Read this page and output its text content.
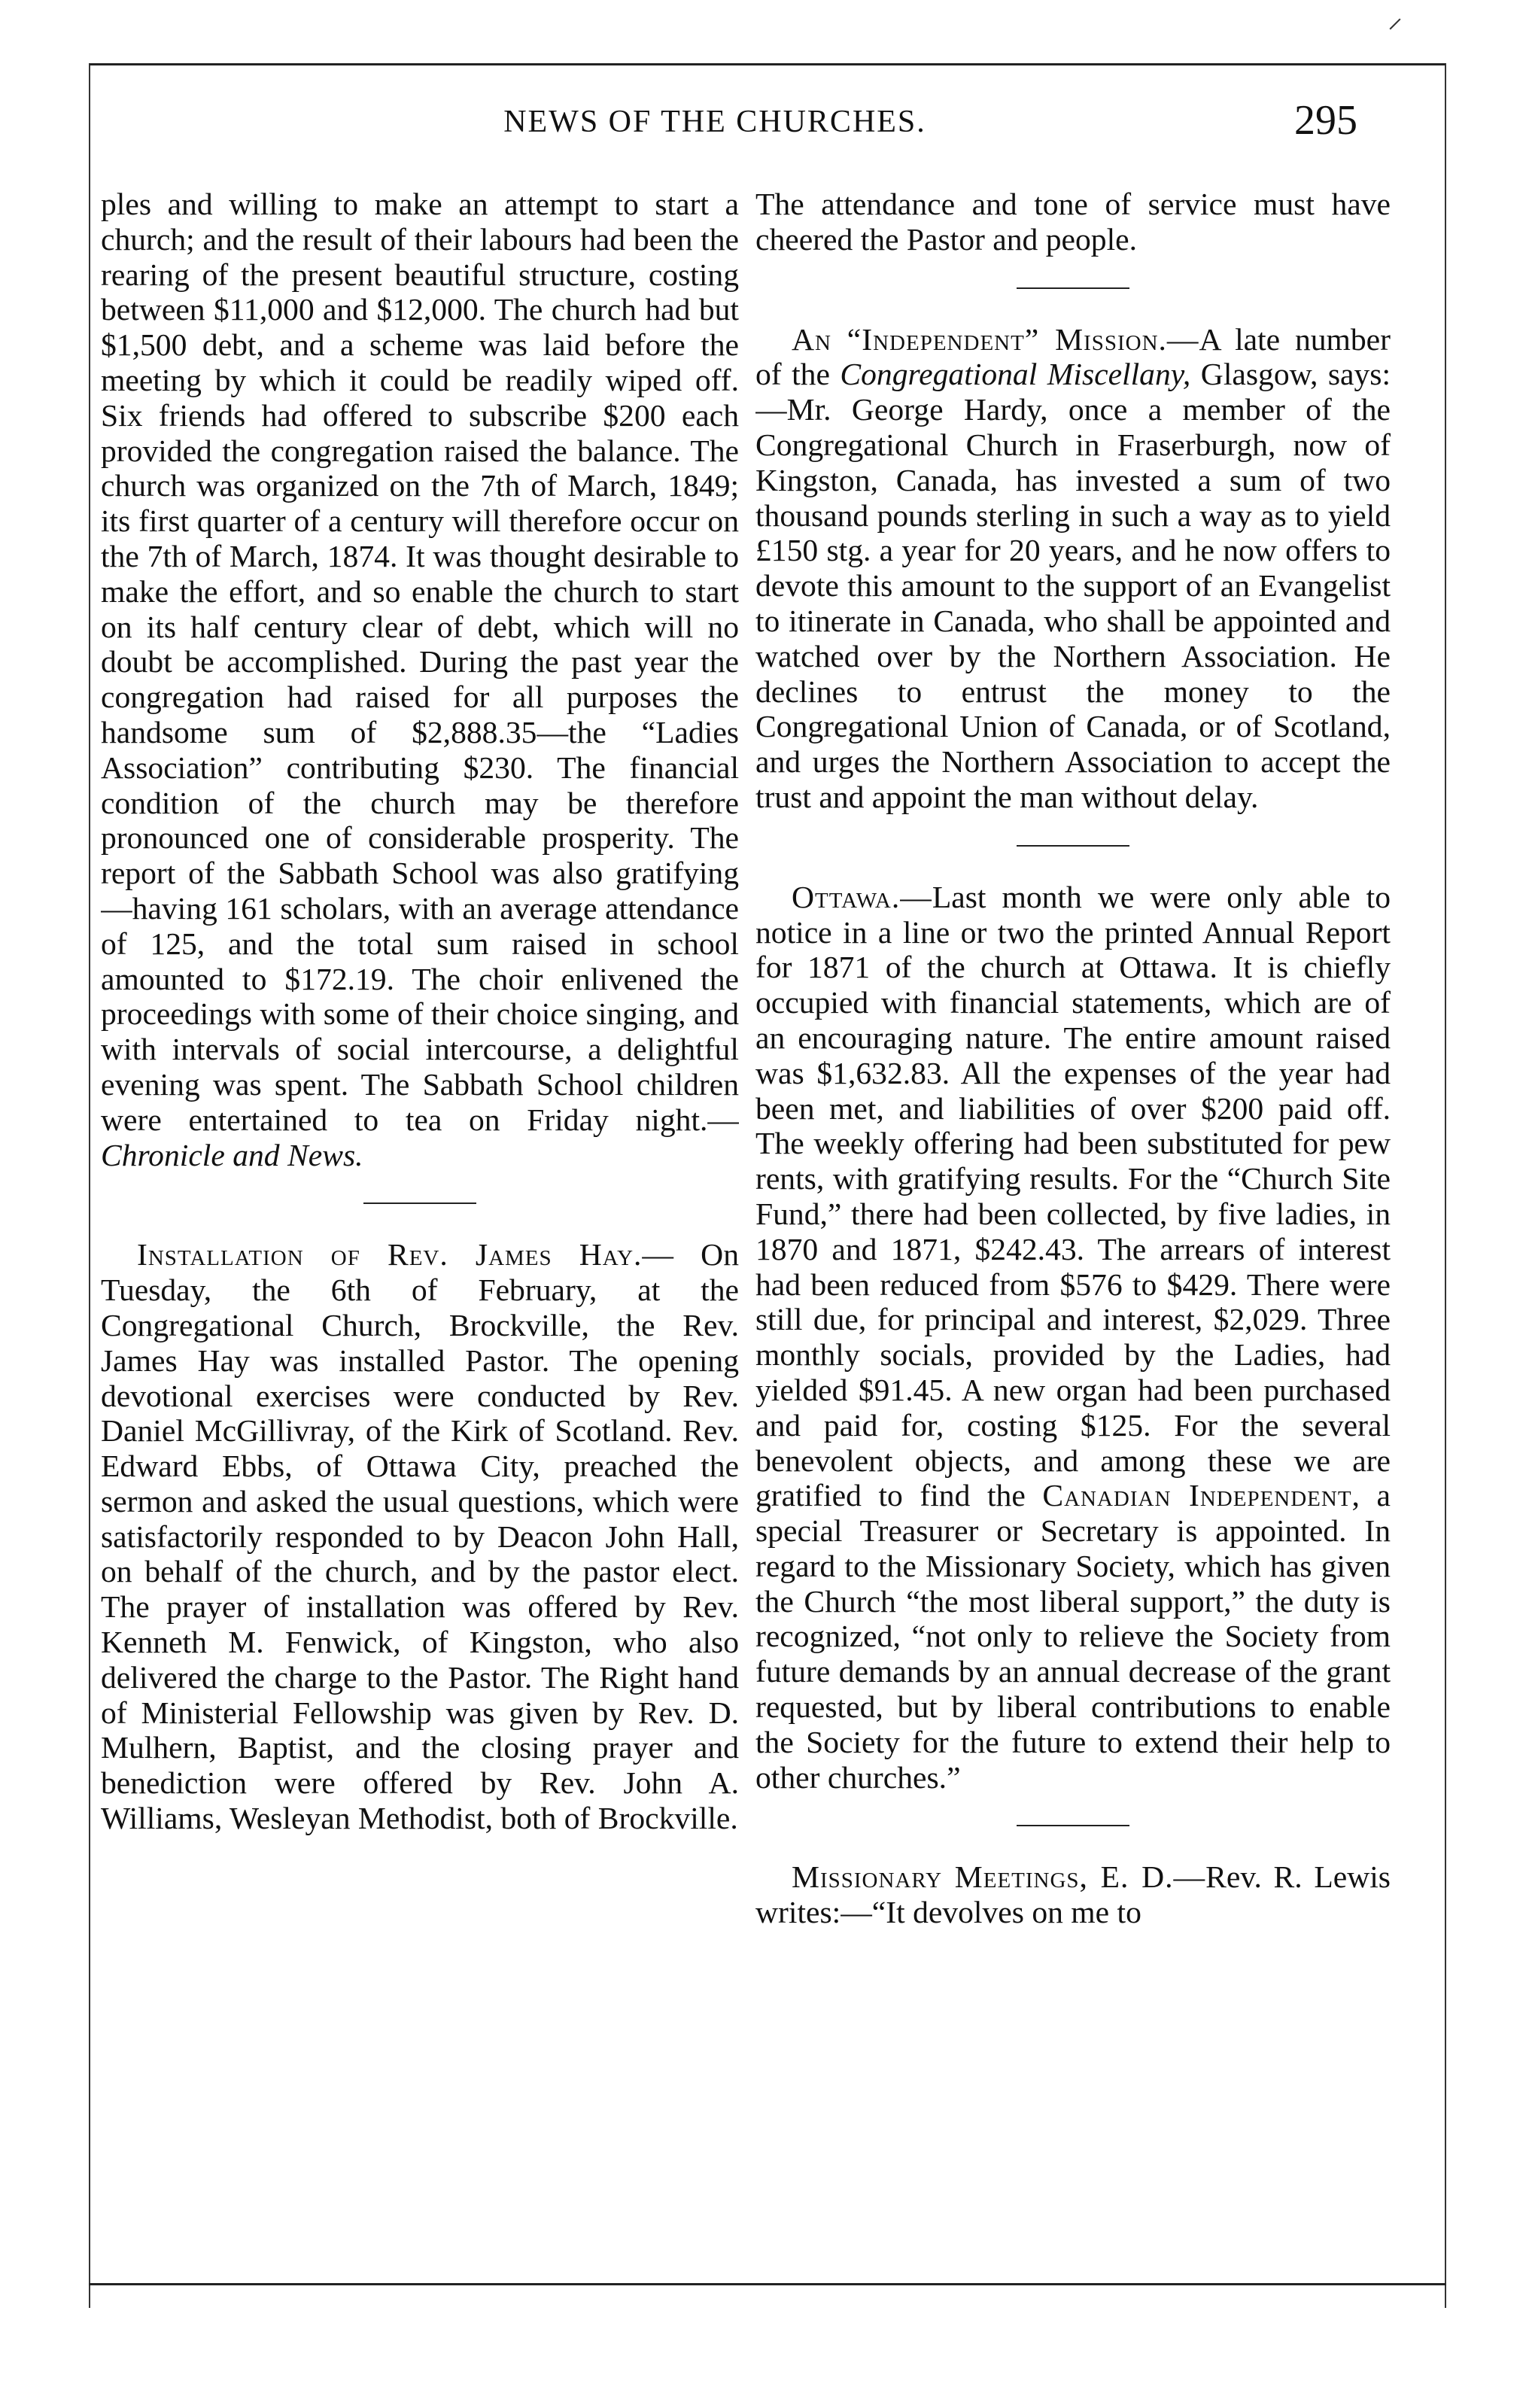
NEWS OF THE CHURCHES.	295
⸍

ples and willing to make an attempt to start a church; and the result of their labours had been the rearing of the present beautiful structure, costing between $11,000 and $12,000. The church had but $1,500 debt, and a scheme was laid before the meeting by which it could be readily wiped off. Six friends had offered to subscribe $200 each provided the congregation raised the balance. The church was organized on the 7th of March, 1849; its first quarter of a century will therefore occur on the 7th of March, 1874. It was thought desirable to make the effort, and so enable the church to start on its half century clear of debt, which will no doubt be accomplished. During the past year the congregation had raised for all purposes the handsome sum of $2,888.35—the “Ladies Association” contributing $230. The financial condition of the church may be therefore pronounced one of considerable prosperity. The report of the Sabbath School was also gratifying —having 161 scholars, with an average attendance of 125, and the total sum raised in school amounted to $172.19. The choir enlivened the proceedings with some of their choice singing, and with intervals of social intercourse, a delightful evening was spent. The Sabbath School children were entertained to tea on Friday night.—Chronicle and News.

Installation of Rev. James Hay.— On Tuesday, the 6th of February, at the Congregational Church, Brockville, the Rev. James Hay was installed Pastor. The opening devotional exercises were conducted by Rev. Daniel McGillivray, of the Kirk of Scotland. Rev. Edward Ebbs, of Ottawa City, preached the sermon and asked the usual questions, which were satisfactorily responded to by Deacon John Hall, on behalf of the church, and by the pastor elect. The prayer of installation was offered by Rev. Kenneth M. Fenwick, of Kingston, who also delivered the charge to the Pastor. The Right hand of Ministerial Fellowship was given by Rev. D. Mulhern, Baptist, and the closing prayer and benediction were offered by Rev. John A. Williams, Wesleyan Methodist, both of Brockville.

The attendance and tone of service must have cheered the Pastor and people.

An “Independent” Mission.—A late number of the Congregational Miscellany, Glasgow, says:—Mr. George Hardy, once a member of the Congregational Church in Fraserburgh, now of Kingston, Canada, has invested a sum of two thousand pounds sterling in such a way as to yield £150 stg. a year for 20 years, and he now offers to devote this amount to the support of an Evangelist to itinerate in Canada, who shall be appointed and watched over by the Northern Association. He declines to entrust the money to the Congregational Union of Canada, or of Scotland, and urges the Northern Association to accept the trust and appoint the man without delay.

Ottawa.—Last month we were only able to notice in a line or two the printed Annual Report for 1871 of the church at Ottawa. It is chiefly occupied with financial statements, which are of an encouraging nature. The entire amount raised was $1,632.83. All the expenses of the year had been met, and liabilities of over $200 paid off. The weekly offering had been substituted for pew rents, with gratifying results. For the “Church Site Fund,” there had been collected, by five ladies, in 1870 and 1871, $242.43. The arrears of interest had been reduced from $576 to $429. There were still due, for principal and interest, $2,029. Three monthly socials, provided by the Ladies, had yielded $91.45. A new organ had been purchased and paid for, costing $125. For the several benevolent objects, and among these we are gratified to find the Canadian Independent, a special Treasurer or Secretary is appointed. In regard to the Missionary Society, which has given the Church “the most liberal support,” the duty is recognized, “not only to relieve the Society from future demands by an annual decrease of the grant requested, but by liberal contributions to enable the Society for the future to extend their help to other churches.”

Missionary Meetings, E. D.—Rev. R. Lewis writes:—“It devolves on me to
